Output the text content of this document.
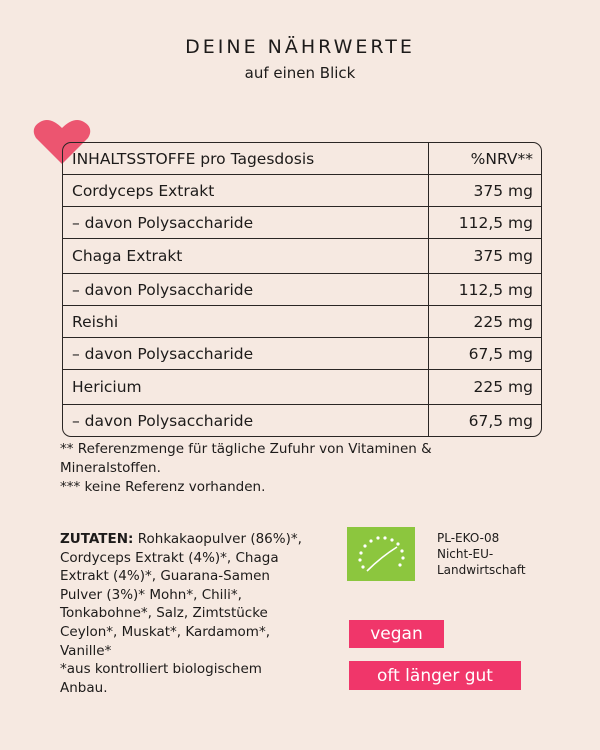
DEINE NÄHRWERTE
auf einen Blick
INHALTSSTOFFE pro Tagesdosis	%NRV**
Cordyceps Extrakt	375 mg
– davon Polysaccharide	112,5 mg
Chaga Extrakt	375 mg
– davon Polysaccharide	112,5 mg
Reishi	225 mg
– davon Polysaccharide	67,5 mg
Hericium	225 mg
– davon Polysaccharide	67,5 mg
** Referenzmenge für tägliche Zufuhr von Vitaminen & Mineralstoffen.
*** keine Referenz vorhanden.
ZUTATEN: Rohkakaopulver (86%)*, Cordyceps Extrakt (4%)*, Chaga Extrakt (4%)*, Guarana-Samen Pulver (3%)* Mohn*, Chili*, Tonkabohne*, Salz, Zimtstücke Ceylon*, Muskat*, Kardamom*, Vanille*
*aus kontrolliert biologischem Anbau.
PL-EKO-08
Nicht-EU-
Landwirtschaft
vegan
oft länger gut
